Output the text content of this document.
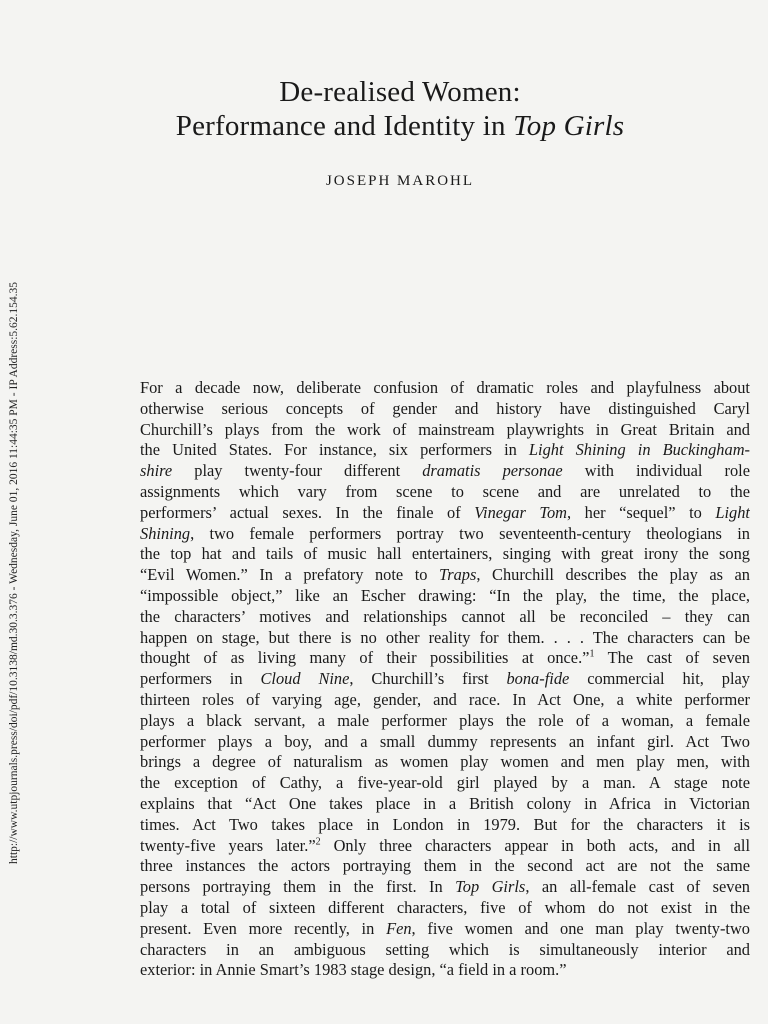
http://www.utpjournals.press/doi/pdf/10.3138/md.30.3.376 - Wednesday, June 01, 2016 11:44:35 PM - IP Address:5.62.154.35
De-realised Women:
Performance and Identity in Top Girls
JOSEPH MAROHL
For a decade now, deliberate confusion of dramatic roles and playfulness about
otherwise serious concepts of gender and history have distinguished Caryl
Churchill’s plays from the work of mainstream playwrights in Great Britain and
the United States. For instance, six performers in Light Shining in Buckingham-
shire play twenty-four different dramatis personae with individual role
assignments which vary from scene to scene and are unrelated to the
performers’ actual sexes. In the finale of Vinegar Tom, her “sequel” to Light
Shining, two female performers portray two seventeenth-century theologians in
the top hat and tails of music hall entertainers, singing with great irony the song
“Evil Women.” In a prefatory note to Traps, Churchill describes the play as an
“impossible object,” like an Escher drawing: “In the play, the time, the place,
the characters’ motives and relationships cannot all be reconciled – they can
happen on stage, but there is no other reality for them. . . . The characters can be
thought of as living many of their possibilities at once.”$^1$ The cast of seven
performers in Cloud Nine, Churchill’s first bona-fide commercial hit, play
thirteen roles of varying age, gender, and race. In Act One, a white performer
plays a black servant, a male performer plays the role of a woman, a female
performer plays a boy, and a small dummy represents an infant girl. Act Two
brings a degree of naturalism as women play women and men play men, with
the exception of Cathy, a five-year-old girl played by a man. A stage note
explains that “Act One takes place in a British colony in Africa in Victorian
times. Act Two takes place in London in 1979. But for the characters it is
twenty-five years later.”$^2$ Only three characters appear in both acts, and in all
three instances the actors portraying them in the second act are not the same
persons portraying them in the first. In Top Girls, an all-female cast of seven
play a total of sixteen different characters, five of whom do not exist in the
present. Even more recently, in Fen, five women and one man play twenty-two
characters in an ambiguous setting which is simultaneously interior and
exterior: in Annie Smart’s 1983 stage design, “a field in a room.”
